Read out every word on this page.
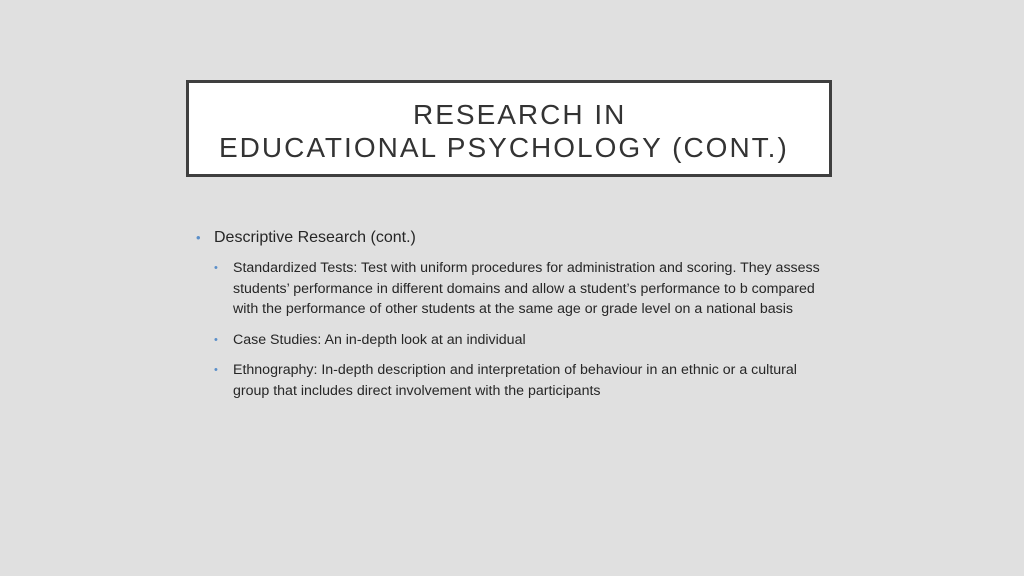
RESEARCH IN
EDUCATIONAL PSYCHOLOGY (CONT.)
• Descriptive Research (cont.)
• Standardized Tests: Test with uniform procedures for administration and scoring. They assess students’ performance in different domains and allow a student’s performance to b compared with the performance of other students at the same age or grade level on a national basis
• Case Studies: An in-depth look at an individual
• Ethnography: In-depth description and interpretation of behaviour in an ethnic or a cultural group that includes direct involvement with the participants
